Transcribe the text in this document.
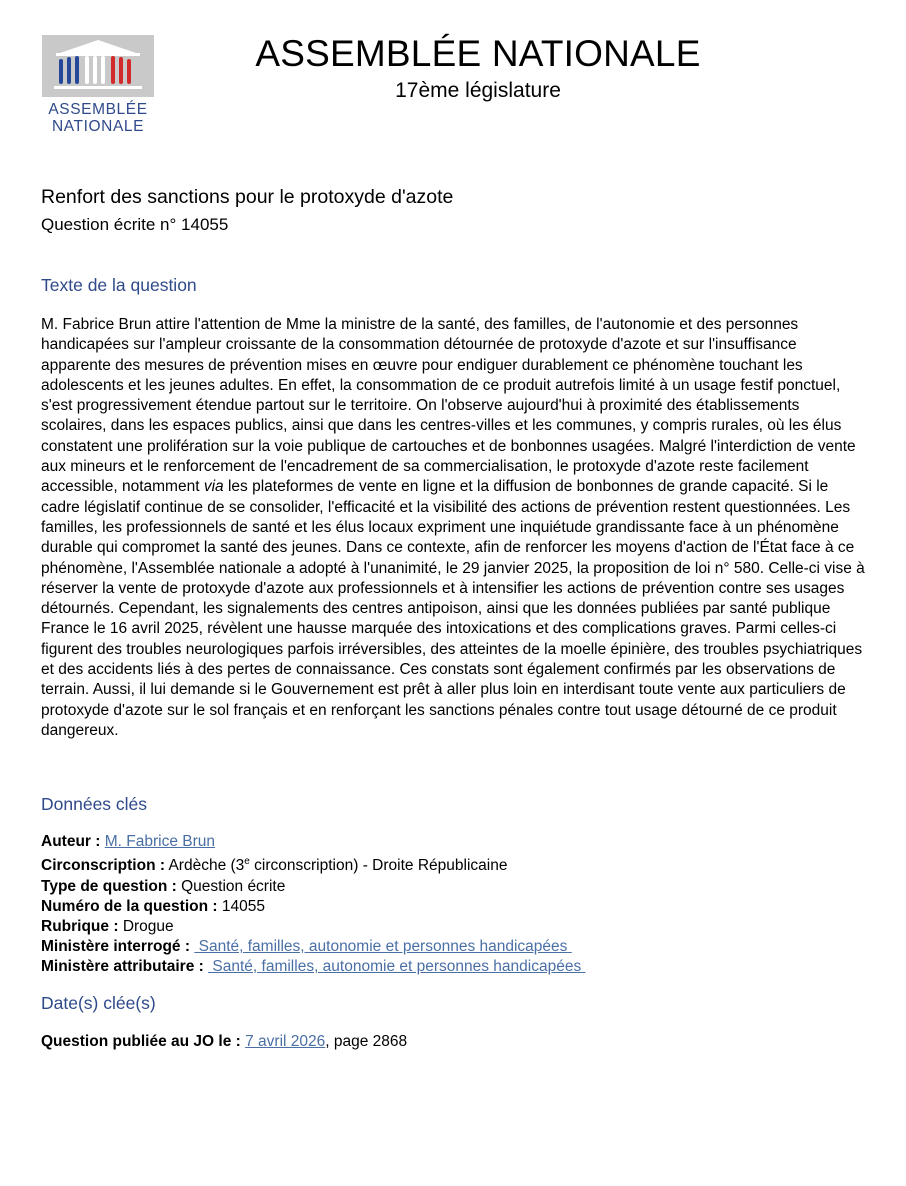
ASSEMBLÉE
NATIONALE
ASSEMBLÉE NATIONALE
17ème législature
Renfort des sanctions pour le protoxyde d'azote
Question écrite n° 14055
Texte de la question
M. Fabrice Brun attire l'attention de Mme la ministre de la santé, des familles, de l'autonomie et des personnes handicapées sur l'ampleur croissante de la consommation détournée de protoxyde d'azote et sur l'insuffisance apparente des mesures de prévention mises en œuvre pour endiguer durablement ce phénomène touchant les adolescents et les jeunes adultes. En effet, la consommation de ce produit autrefois limité à un usage festif ponctuel, s'est progressivement étendue partout sur le territoire. On l'observe aujourd'hui à proximité des établissements scolaires, dans les espaces publics, ainsi que dans les centres-villes et les communes, y compris rurales, où les élus constatent une prolifération sur la voie publique de cartouches et de bonbonnes usagées. Malgré l'interdiction de vente aux mineurs et le renforcement de l'encadrement de sa commercialisation, le protoxyde d'azote reste facilement accessible, notamment via les plateformes de vente en ligne et la diffusion de bonbonnes de grande capacité. Si le cadre législatif continue de se consolider, l'efficacité et la visibilité des actions de prévention restent questionnées. Les familles, les professionnels de santé et les élus locaux expriment une inquiétude grandissante face à un phénomène durable qui compromet la santé des jeunes. Dans ce contexte, afin de renforcer les moyens d'action de l'État face à ce phénomène, l'Assemblée nationale a adopté à l'unanimité, le 29 janvier 2025, la proposition de loi n° 580. Celle-ci vise à réserver la vente de protoxyde d'azote aux professionnels et à intensifier les actions de prévention contre ses usages détournés. Cependant, les signalements des centres antipoison, ainsi que les données publiées par santé publique France le 16 avril 2025, révèlent une hausse marquée des intoxications et des complications graves. Parmi celles-ci figurent des troubles neurologiques parfois irréversibles, des atteintes de la moelle épinière, des troubles psychiatriques et des accidents liés à des pertes de connaissance. Ces constats sont également confirmés par les observations de terrain. Aussi, il lui demande si le Gouvernement est prêt à aller plus loin en interdisant toute vente aux particuliers de protoxyde d'azote sur le sol français et en renforçant les sanctions pénales contre tout usage détourné de ce produit dangereux.
Données clés
Auteur : M. Fabrice Brun
Circonscription : Ardèche (3e circonscription) - Droite Républicaine
Type de question : Question écrite
Numéro de la question : 14055
Rubrique : Drogue
Ministère interrogé : Santé, familles, autonomie et personnes handicapées
Ministère attributaire : Santé, familles, autonomie et personnes handicapées
Date(s) clée(s)
Question publiée au JO le : 7 avril 2026, page 2868
